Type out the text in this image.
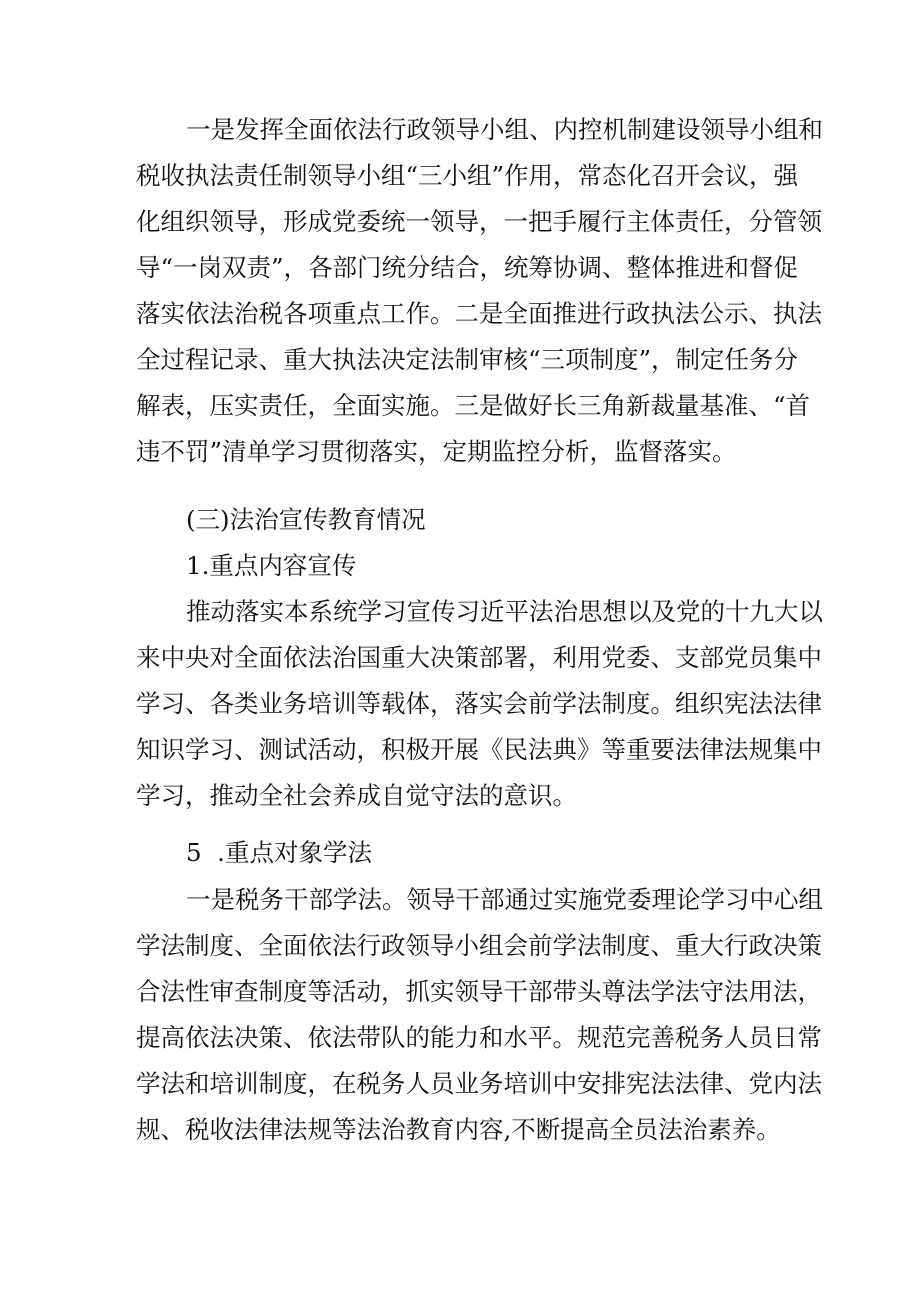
一是发挥全面依法行政领导小组、内控机制建设领导小组和
税收执法责任制领导小组“三小组”作用，常态化召开会议，强
化组织领导，形成党委统一领导，一把手履行主体责任，分管领
导“一岗双责”，各部门统分结合，统筹协调、整体推进和督促
落实依法治税各项重点工作。二是全面推进行政执法公示、执法
全过程记录、重大执法决定法制审核“三项制度”，制定任务分
解表，压实责任，全面实施。三是做好长三角新裁量基准、“首
违不罚”清单学习贯彻落实，定期监控分析，监督落实。
(三)法治宣传教育情况
1.重点内容宣传
推动落实本系统学习宣传习近平法治思想以及党的十九大以
来中央对全面依法治国重大决策部署，利用党委、支部党员集中
学习、各类业务培训等载体，落实会前学法制度。组织宪法法律
知识学习、测试活动，积极开展《民法典》等重要法律法规集中
学习，推动全社会养成自觉守法的意识。
5  .重点对象学法
一是税务干部学法。领导干部通过实施党委理论学习中心组
学法制度、全面依法行政领导小组会前学法制度、重大行政决策
合法性审查制度等活动，抓实领导干部带头尊法学法守法用法，
提高依法决策、依法带队的能力和水平。规范完善税务人员日常
学法和培训制度，在税务人员业务培训中安排宪法法律、党内法
规、税收法律法规等法治教育内容,不断提高全员法治素养。
